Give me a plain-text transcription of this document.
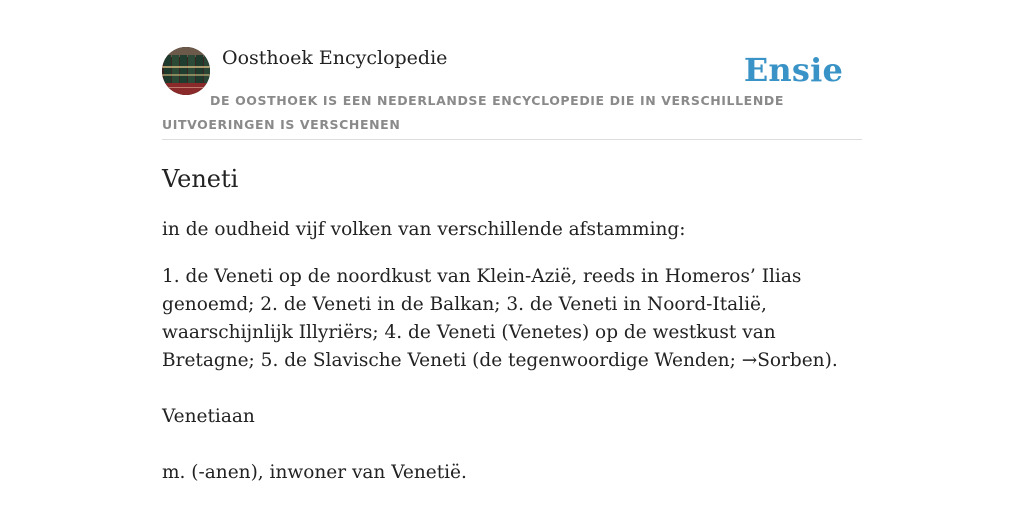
Oosthoek Encyclopedie	Ensie
DE OOSTHOEK IS EEN NEDERLANDSE ENCYCLOPEDIE DIE IN VERSCHILLENDE UITVOERINGEN IS VERSCHENEN
Veneti

in de oudheid vijf volken van verschillende afstamming:

1. de Veneti op de noordkust van Klein-Azië, reeds in Homeros’ Ilias genoemd; 2. de Veneti in de Balkan; 3. de Veneti in Noord-Italië, waarschijnlijk Illyriërs; 4. de Veneti (Venetes) op de westkust van Bretagne; 5. de Slavische Veneti (de tegenwoordige Wenden; →Sorben).

Venetiaan

m. (-anen), inwoner van Venetië.
